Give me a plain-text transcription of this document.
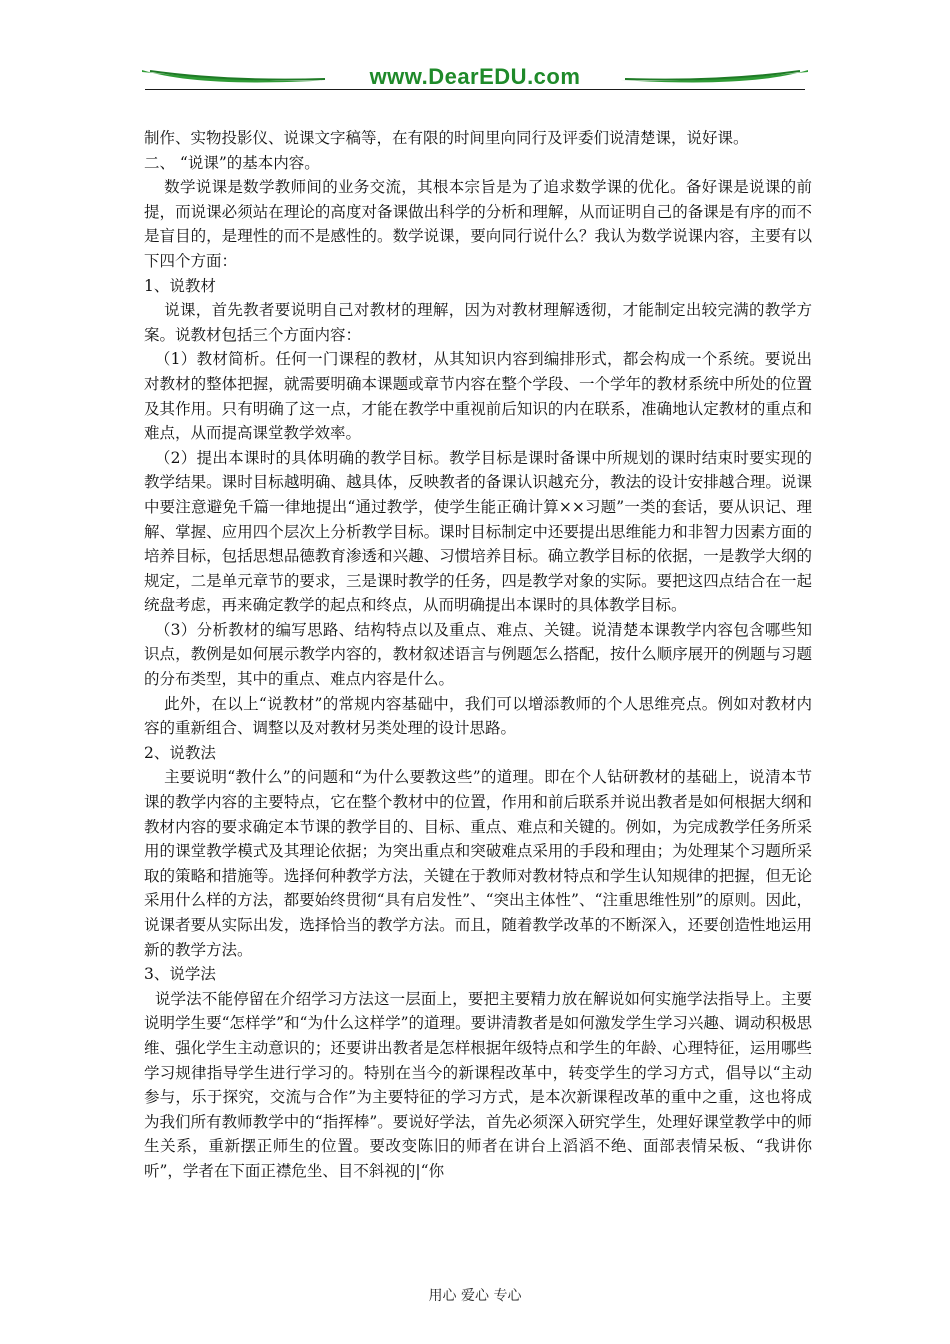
www.DearEDU.com

制作、实物投影仪、说课文字稿等，在有限的时间里向同行及评委们说清楚课，说好课。

二、 “说课”的基本内容。

数学说课是数学教师间的业务交流，其根本宗旨是为了追求数学课的优化。备好课是说课的前提，而说课必须站在理论的高度对备课做出科学的分析和理解，从而证明自己的备课是有序的而不是盲目的，是理性的而不是感性的。数学说课，要向同行说什么？我认为数学说课内容，主要有以下四个方面：

1、说教材

说课，首先教者要说明自己对教材的理解，因为对教材理解透彻，才能制定出较完满的教学方案。说教材包括三个方面内容：

（1）教材简析。任何一门课程的教材，从其知识内容到编排形式，都会构成一个系统。要说出对教材的整体把握，就需要明确本课题或章节内容在整个学段、一个学年的教材系统中所处的位置及其作用。只有明确了这一点，才能在教学中重视前后知识的内在联系，准确地认定教材的重点和难点，从而提高课堂教学效率。

（2）提出本课时的具体明确的教学目标。教学目标是课时备课中所规划的课时结束时要实现的教学结果。课时目标越明确、越具体，反映教者的备课认识越充分，教法的设计安排越合理。说课中要注意避免千篇一律地提出“通过教学，使学生能正确计算××习题”一类的套话，要从识记、理解、掌握、应用四个层次上分析教学目标。课时目标制定中还要提出思维能力和非智力因素方面的培养目标，包括思想品德教育渗透和兴趣、习惯培养目标。确立教学目标的依据，一是教学大纲的规定，二是单元章节的要求，三是课时教学的任务，四是教学对象的实际。要把这四点结合在一起统盘考虑，再来确定教学的起点和终点，从而明确提出本课时的具体教学目标。

（3）分析教材的编写思路、结构特点以及重点、难点、关键。说清楚本课教学内容包含哪些知识点，教例是如何展示教学内容的，教材叙述语言与例题怎么搭配，按什么顺序展开的例题与习题的分布类型，其中的重点、难点内容是什么。

此外，在以上“说教材”的常规内容基础中，我们可以增添教师的个人思维亮点。例如对教材内容的重新组合、调整以及对教材另类处理的设计思路。

2、说教法

主要说明“教什么”的问题和“为什么要教这些”的道理。即在个人钻研教材的基础上，说清本节课的教学内容的主要特点，它在整个教材中的位置，作用和前后联系并说出教者是如何根据大纲和教材内容的要求确定本节课的教学目的、目标、重点、难点和关键的。例如，为完成教学任务所采用的课堂教学模式及其理论依据；为突出重点和突破难点采用的手段和理由；为处理某个习题所采取的策略和措施等。选择何种教学方法，关键在于教师对教材特点和学生认知规律的把握，但无论采用什么样的方法，都要始终贯彻“具有启发性”、“突出主体性”、“注重思维性别”的原则。因此，说课者要从实际出发，选择恰当的教学方法。而且，随着教学改革的不断深入，还要创造性地运用新的教学方法。

3、说学法

说学法不能停留在介绍学习方法这一层面上，要把主要精力放在解说如何实施学法指导上。主要说明学生要“怎样学”和“为什么这样学”的道理。要讲清教者是如何激发学生学习兴趣、调动积极思维、强化学生主动意识的；还要讲出教者是怎样根据年级特点和学生的年龄、心理特征，运用哪些学习规律指导学生进行学习的。特别在当今的新课程改革中，转变学生的学习方式，倡导以“主动参与，乐于探究，交流与合作”为主要特征的学习方式，是本次新课程改革的重中之重，这也将成为我们所有教师教学中的“指挥棒”。要说好学法，首先必须深入研究学生，处理好课堂教学中的师生关系，重新摆正师生的位置。要改变陈旧的师者在讲台上滔滔不绝、面部表情呆板、“我讲你听”，学者在下面正襟危坐、目不斜视的|“你

用心 爱心 专心
